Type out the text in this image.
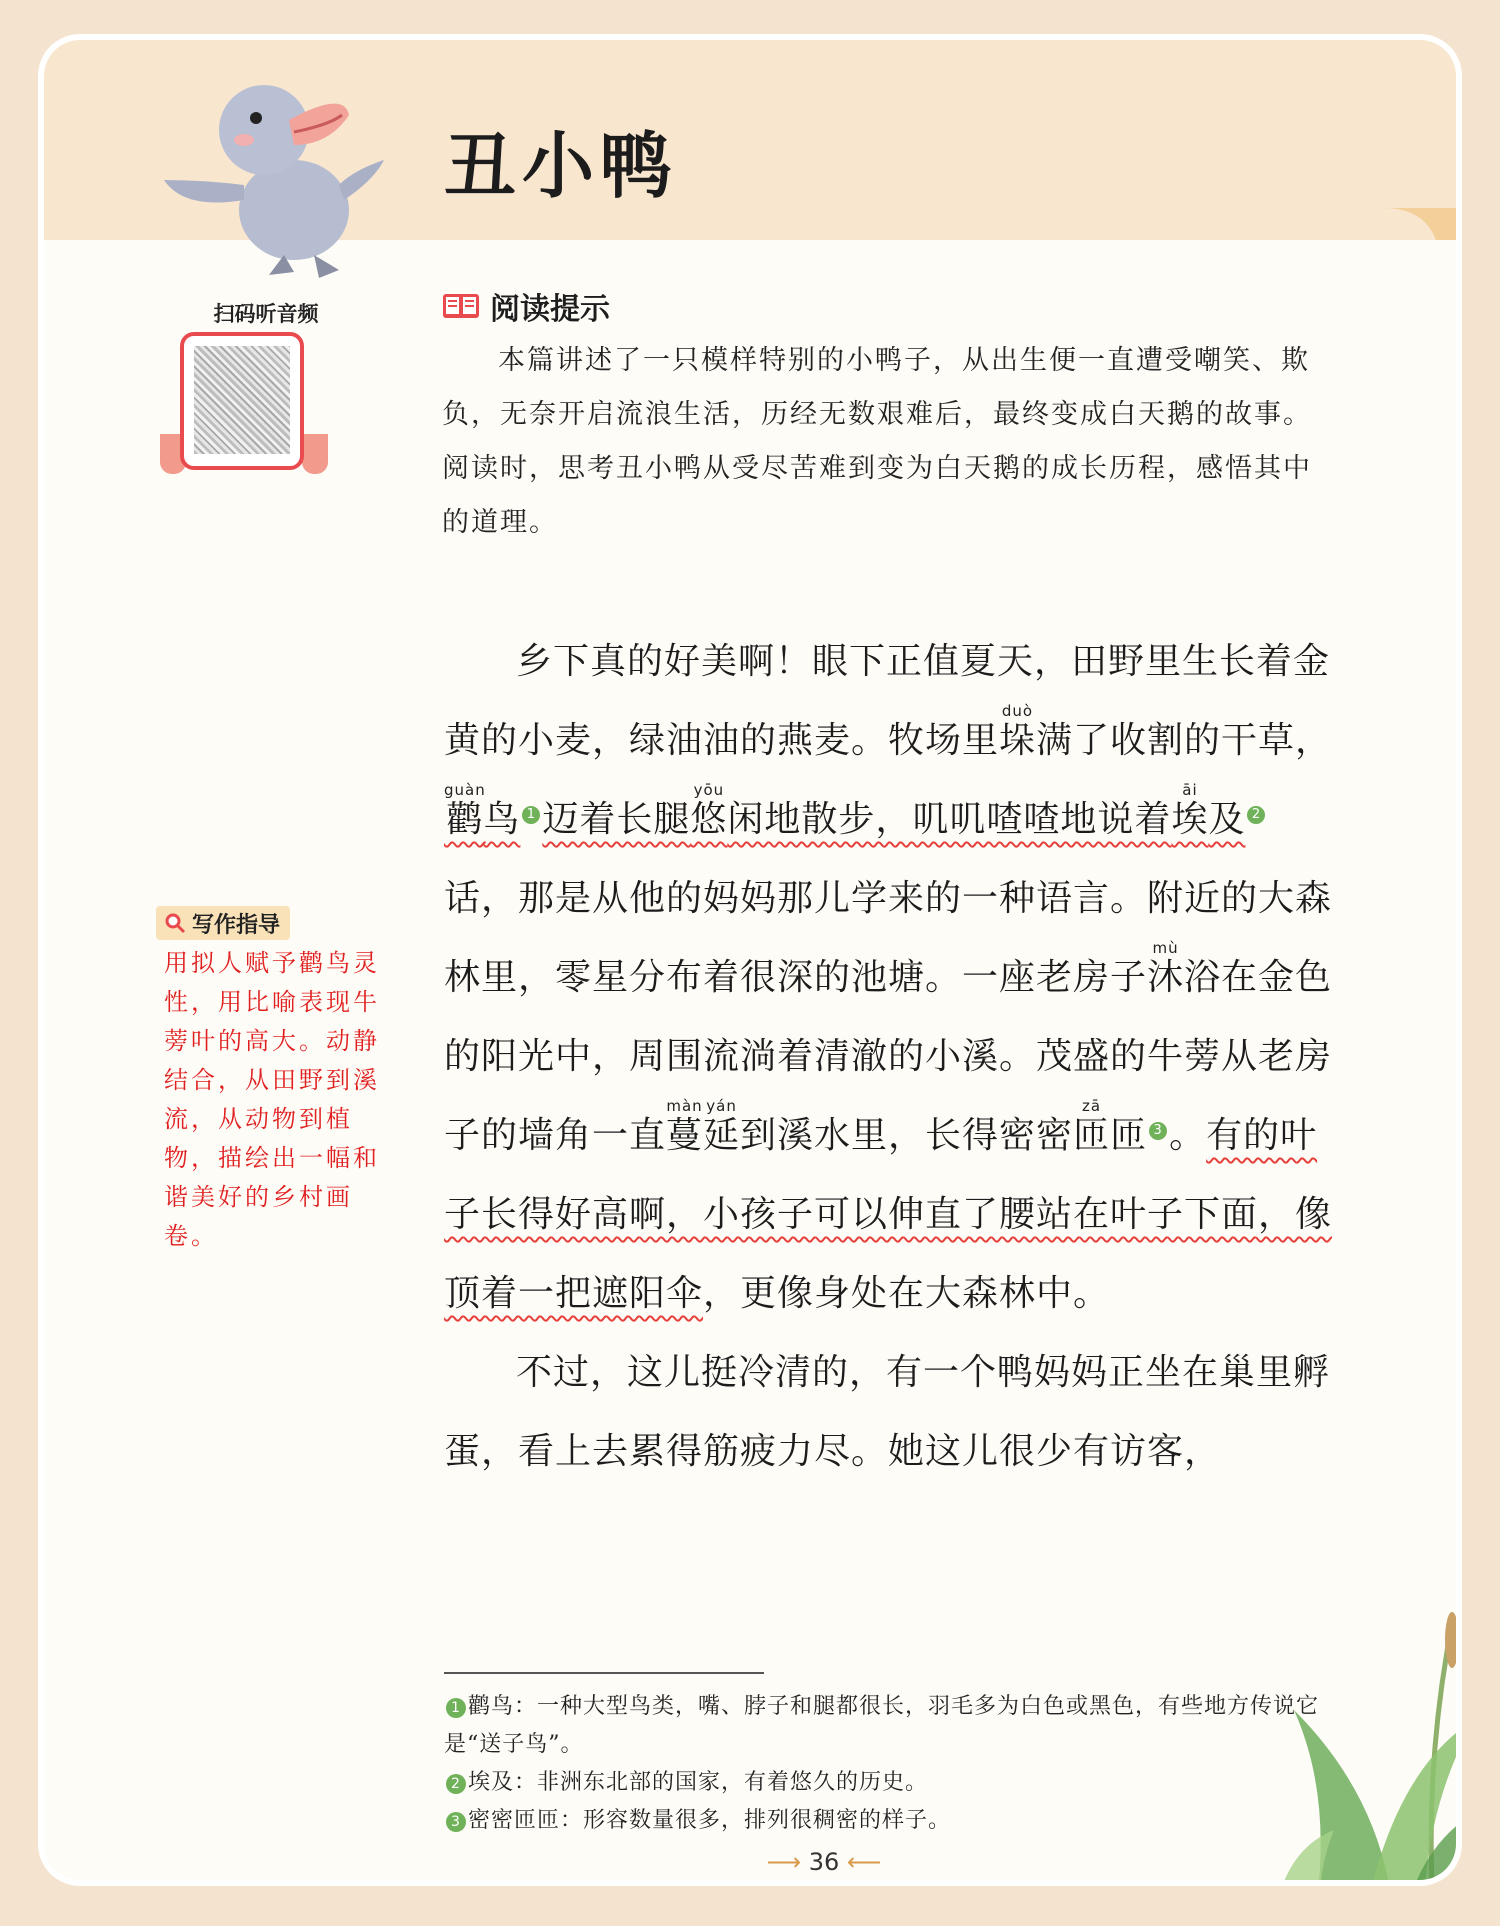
丑小鸭
扫码听音频	阅读提示
本篇讲述了一只模样特别的小鸭子，从出生便一直遭受嘲笑、欺负，无奈开启流浪生活，历经无数艰难后，最终变成白天鹅的故事。阅读时，思考丑小鸭从受尽苦难到变为白天鹅的成长历程，感悟其中的道理。
写作指导
用拟人赋予鹳鸟灵性，用比喻表现牛蒡叶的高大。动静结合，从田野到溪流，从动物到植物，描绘出一幅和谐美好的乡村画卷。

乡下真的好美啊！眼下正值夏天，田野里生长着金黄的小麦，绿油油的燕麦。牧场里垛duò满了收割的干草，鹳guàn鸟 1 迈着长腿悠yōu闲地散步，叽叽喳喳地说着埃āi及 2话，那是从他的妈妈那儿学来的一种语言。附近的大森林里，零星分布着很深的池塘。一座老房子沐mù浴在金色的阳光中，周围流淌着清澈的小溪。茂盛的牛蒡从老房子的墙角一直蔓màn延yán到溪水里，长得密密匝zā匝 3 。有的叶子长得好高啊，小孩子可以伸直了腰站在叶子下面，像顶着一把遮阳伞，更像身处在大森林中。

不过，这儿挺冷清的，有一个鸭妈妈正坐在巢里孵蛋，看上去累得筋疲力尽。她这儿很少有访客，

1 鹳鸟：一种大型鸟类，嘴、脖子和腿都很长，羽毛多为白色或黑色，有些地方传说它是“送子鸟”。
2 埃及：非洲东北部的国家，有着悠久的历史。
3 密密匝匝：形容数量很多，排列很稠密的样子。
⟶ 36 ⟵
